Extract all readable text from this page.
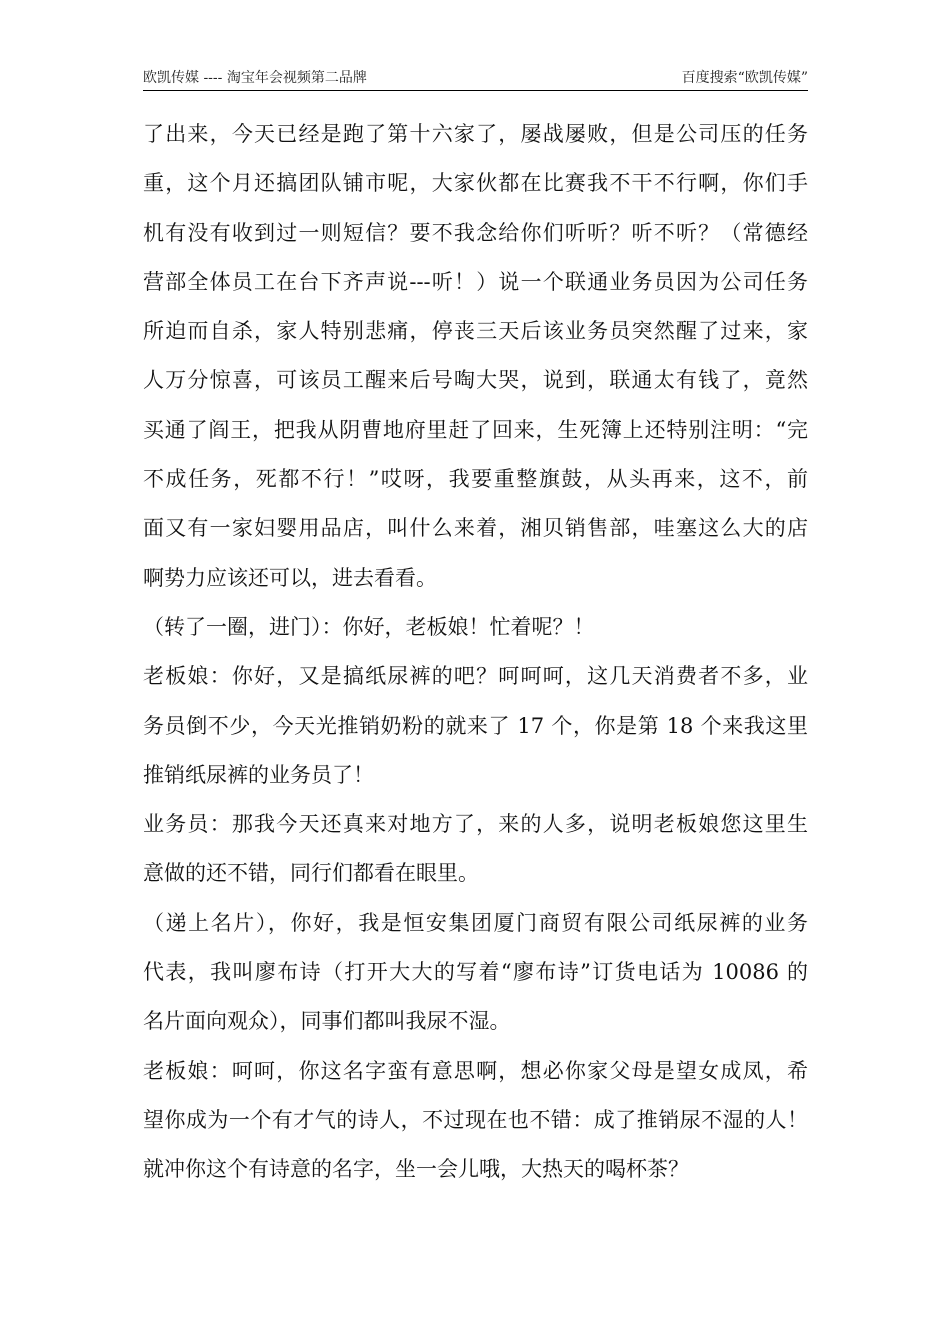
欧凯传媒 ---- 淘宝年会视频第二品牌	百度搜索“欧凯传媒”
了出来，今天已经是跑了第十六家了，屡战屡败，但是公司压的任务
重，这个月还搞团队铺市呢，大家伙都在比赛我不干不行啊，你们手
机有没有收到过一则短信？要不我念给你们听听？听不听？（常德经
营部全体员工在台下齐声说---听！）说一个联通业务员因为公司任务
所迫而自杀，家人特别悲痛，停丧三天后该业务员突然醒了过来，家
人万分惊喜，可该员工醒来后号啕大哭，说到，联通太有钱了，竟然
买通了阎王，把我从阴曹地府里赶了回来，生死簿上还特别注明：“完
不成任务，死都不行！”哎呀，我要重整旗鼓，从头再来，这不，前
面又有一家妇婴用品店，叫什么来着，湘贝销售部，哇塞这么大的店
啊势力应该还可以，进去看看。
（转了一圈，进门）：你好，老板娘！忙着呢？！
老板娘：你好，又是搞纸尿裤的吧？呵呵呵，这几天消费者不多，业
务员倒不少，今天光推销奶粉的就来了 17 个，你是第 18 个来我这里
推销纸尿裤的业务员了！
业务员：那我今天还真来对地方了，来的人多，说明老板娘您这里生
意做的还不错，同行们都看在眼里。
（递上名片），你好，我是恒安集团厦门商贸有限公司纸尿裤的业务
代表，我叫廖布诗（打开大大的写着“廖布诗”订货电话为 10086 的
名片面向观众），同事们都叫我尿不湿。
老板娘：呵呵，你这名字蛮有意思啊，想必你家父母是望女成凤，希
望你成为一个有才气的诗人，不过现在也不错：成了推销尿不湿的人！
就冲你这个有诗意的名字，坐一会儿哦，大热天的喝杯茶？
